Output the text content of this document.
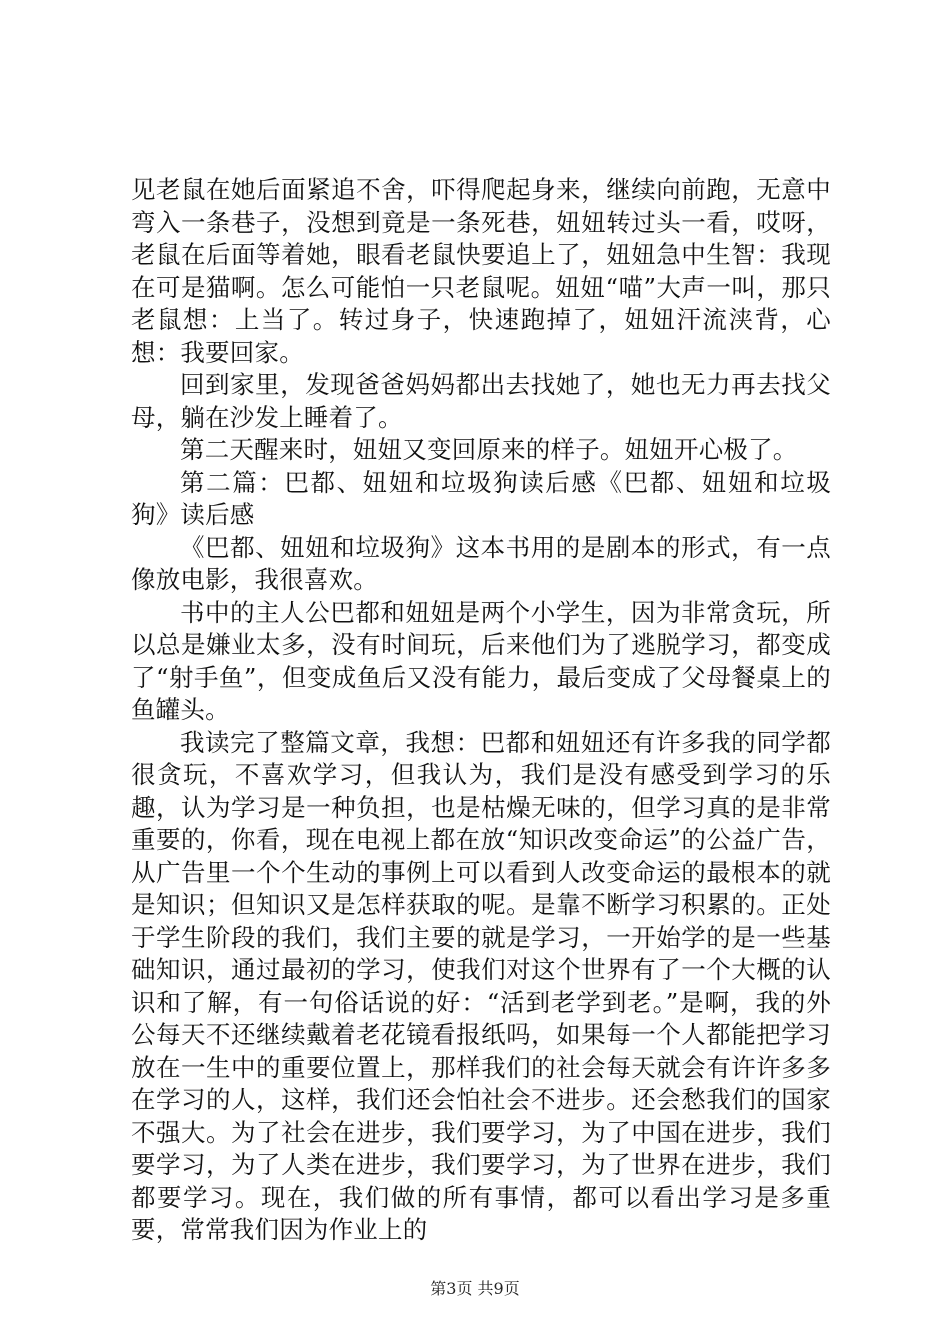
见老鼠在她后面紧追不舍，吓得爬起身来，继续向前跑，无意中弯入一条巷子，没想到竟是一条死巷，妞妞转过头一看，哎呀，老鼠在后面等着她，眼看老鼠快要追上了，妞妞急中生智：我现在可是猫啊。怎么可能怕一只老鼠呢。妞妞“喵”大声一叫，那只老鼠想：上当了。转过身子，快速跑掉了，妞妞汗流浃背，心想：我要回家。

回到家里，发现爸爸妈妈都出去找她了，她也无力再去找父母，躺在沙发上睡着了。

第二天醒来时，妞妞又变回原来的样子。妞妞开心极了。

第二篇：巴都、妞妞和垃圾狗读后感《巴都、妞妞和垃圾狗》读后感

《巴都、妞妞和垃圾狗》这本书用的是剧本的形式，有一点像放电影，我很喜欢。

书中的主人公巴都和妞妞是两个小学生，因为非常贪玩，所以总是嫌业太多，没有时间玩，后来他们为了逃脱学习，都变成了“射手鱼”，但变成鱼后又没有能力，最后变成了父母餐桌上的鱼罐头。

我读完了整篇文章，我想：巴都和妞妞还有许多我的同学都很贪玩，不喜欢学习，但我认为，我们是没有感受到学习的乐趣，认为学习是一种负担，也是枯燥无味的，但学习真的是非常重要的，你看，现在电视上都在放“知识改变命运”的公益广告，从广告里一个个生动的事例上可以看到人改变命运的最根本的就是知识；但知识又是怎样获取的呢。是靠不断学习积累的。正处于学生阶段的我们，我们主要的就是学习，一开始学的是一些基础知识，通过最初的学习，使我们对这个世界有了一个大概的认识和了解，有一句俗话说的好：“活到老学到老。”是啊，我的外公每天不还继续戴着老花镜看报纸吗，如果每一个人都能把学习放在一生中的重要位置上，那样我们的社会每天就会有许许多多在学习的人，这样，我们还会怕社会不进步。还会愁我们的国家不强大。为了社会在进步，我们要学习，为了中国在进步，我们要学习，为了人类在进步，我们要学习，为了世界在进步，我们都要学习。现在，我们做的所有事情，都可以看出学习是多重要，常常我们因为作业上的

第3页 共9页
